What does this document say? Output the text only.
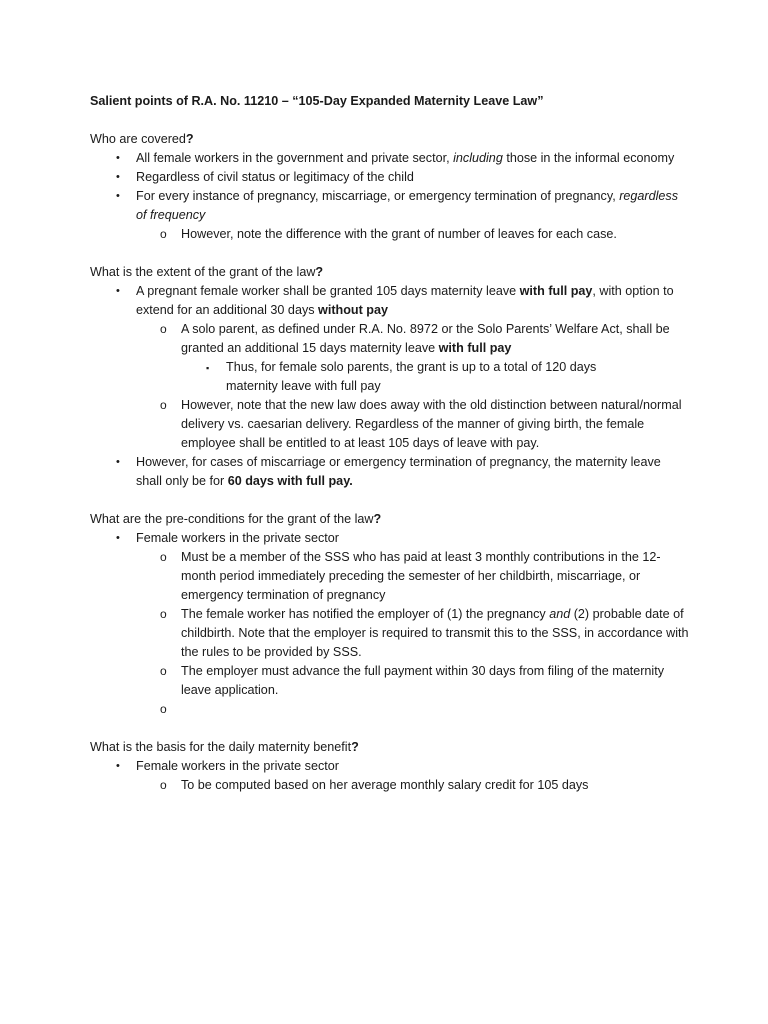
Salient points of R.A. No. 11210 – “105-Day Expanded Maternity Leave Law”
Who are covered?
• All female workers in the government and private sector, including those in the informal economy
• Regardless of civil status or legitimacy of the child
• For every instance of pregnancy, miscarriage, or emergency termination of pregnancy, regardless of frequency
o However, note the difference with the grant of number of leaves for each case.
What is the extent of the grant of the law?
• A pregnant female worker shall be granted 105 days maternity leave with full pay, with option to extend for an additional 30 days without pay
o A solo parent, as defined under R.A. No. 8972 or the Solo Parents’ Welfare Act, shall be granted an additional 15 days maternity leave with full pay
▪ Thus, for female solo parents, the grant is up to a total of 120 days maternity leave with full pay
o However, note that the new law does away with the old distinction between natural/normal delivery vs. caesarian delivery. Regardless of the manner of giving birth, the female employee shall be entitled to at least 105 days of leave with pay.
• However, for cases of miscarriage or emergency termination of pregnancy, the maternity leave shall only be for 60 days with full pay.
What are the pre-conditions for the grant of the law?
• Female workers in the private sector
o Must be a member of the SSS who has paid at least 3 monthly contributions in the 12-month period immediately preceding the semester of her childbirth, miscarriage, or emergency termination of pregnancy
o The female worker has notified the employer of (1) the pregnancy and (2) probable date of childbirth. Note that the employer is required to transmit this to the SSS, in accordance with the rules to be provided by SSS.
o The employer must advance the full payment within 30 days from filing of the maternity leave application.
o

What is the basis for the daily maternity benefit?
• Female workers in the private sector
o To be computed based on her average monthly salary credit for 105 days
